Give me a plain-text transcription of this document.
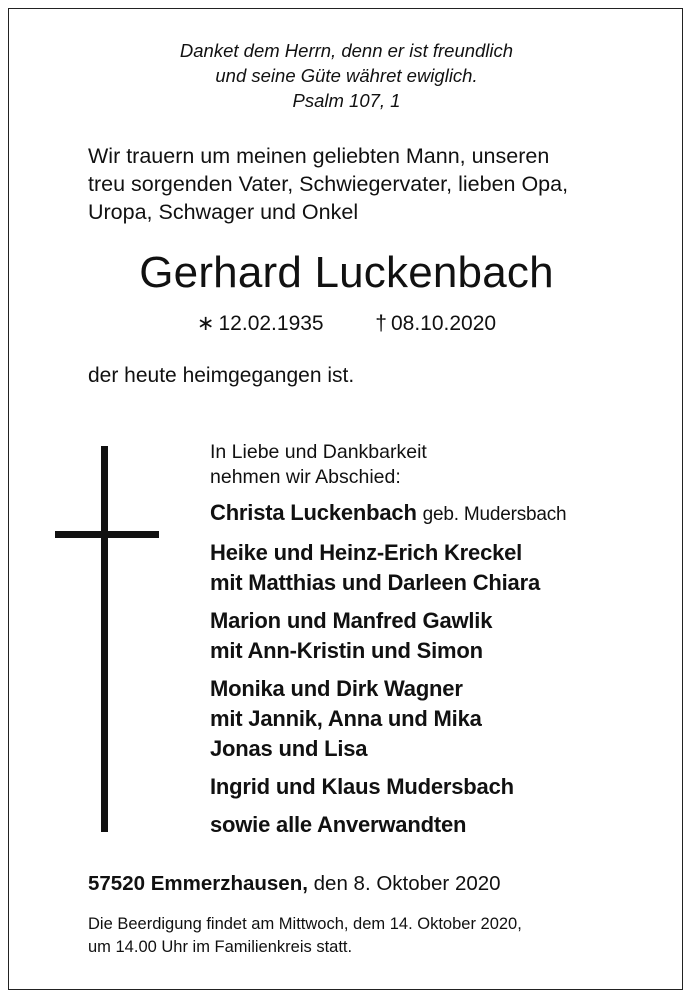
Danket dem Herrn, denn er ist freundlich
und seine Güte währet ewiglich.
Psalm 107, 1
Wir trauern um meinen geliebten Mann, unseren
treu sorgenden Vater, Schwiegervater, lieben Opa,
Uropa, Schwager und Onkel
Gerhard Luckenbach
∗ 12.02.1935 † 08.10.2020
der heute heimgegangen ist.
In Liebe und Dankbarkeit
nehmen wir Abschied:
Christa Luckenbach geb. Mudersbach
Heike und Heinz-Erich Kreckel
mit Matthias und Darleen Chiara
Marion und Manfred Gawlik
mit Ann-Kristin und Simon
Monika und Dirk Wagner
mit Jannik, Anna und Mika
Jonas und Lisa
Ingrid und Klaus Mudersbach
sowie alle Anverwandten
57520 Emmerzhausen, den 8. Oktober 2020
Die Beerdigung findet am Mittwoch, dem 14. Oktober 2020,
um 14.00 Uhr im Familienkreis statt.
